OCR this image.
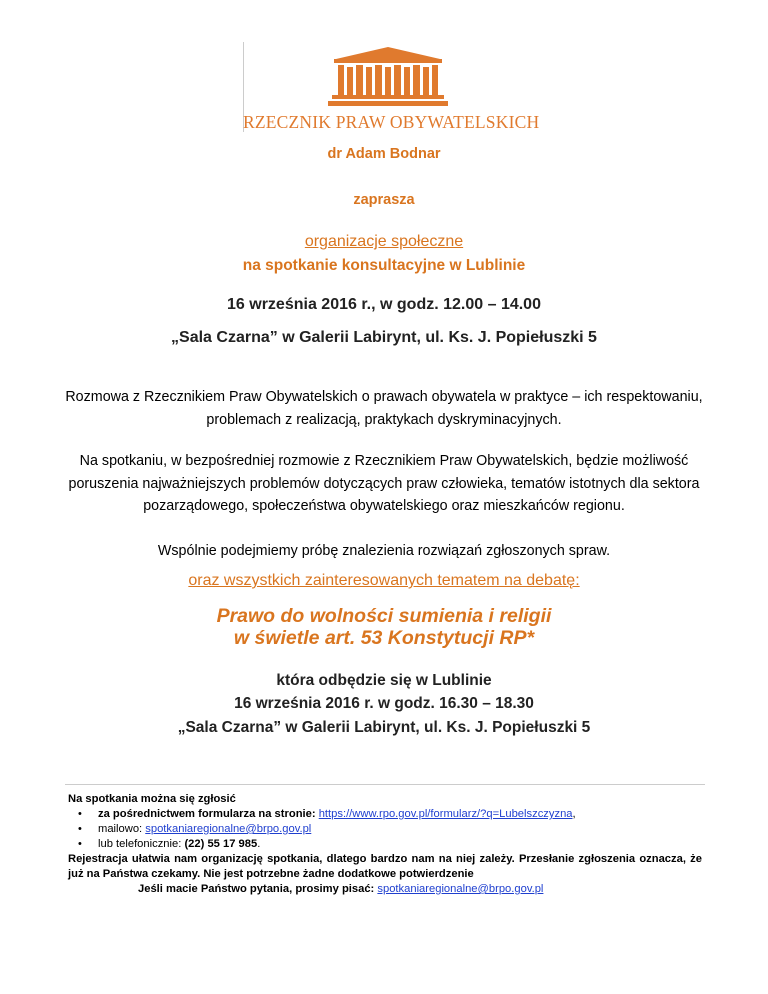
RZECZNIK PRAW OBYWATELSKICH
dr Adam Bodnar
zaprasza
organizacje społeczne
na spotkanie konsultacyjne w Lublinie
16 września 2016 r., w godz. 12.00 – 14.00
„Sala Czarna” w Galerii Labirynt, ul. Ks. J. Popiełuszki 5
Rozmowa z Rzecznikiem Praw Obywatelskich o prawach obywatela w praktyce – ich respektowaniu, problemach z realizacją, praktykach dyskryminacyjnych.
Na spotkaniu, w bezpośredniej rozmowie z Rzecznikiem Praw Obywatelskich, będzie możliwość poruszenia najważniejszych problemów dotyczących praw człowieka, tematów istotnych dla sektora pozarządowego, społeczeństwa obywatelskiego oraz mieszkańców regionu.
Wspólnie podejmiemy próbę znalezienia rozwiązań zgłoszonych spraw.
oraz wszystkich zainteresowanych tematem na debatę:
Prawo do wolności sumienia i religii
w świetle art. 53 Konstytucji RP*
która odbędzie się w Lublinie
16 września 2016 r. w godz. 16.30 – 18.30
„Sala Czarna” w Galerii Labirynt, ul. Ks. J. Popiełuszki 5
Na spotkania można się zgłosić
• za pośrednictwem formularza na stronie: https://www.rpo.gov.pl/formularz/?q=Lubelszczyzna,
• mailowo: spotkaniaregionalne@brpo.gov.pl
• lub telefonicznie: (22) 55 17 985.
Rejestracja ułatwia nam organizację spotkania, dlatego bardzo nam na niej zależy. Przesłanie zgłoszenia oznacza, że już na Państwa czekamy. Nie jest potrzebne żadne dodatkowe potwierdzenie
Jeśli macie Państwo pytania, prosimy pisać: spotkaniaregionalne@brpo.gov.pl
